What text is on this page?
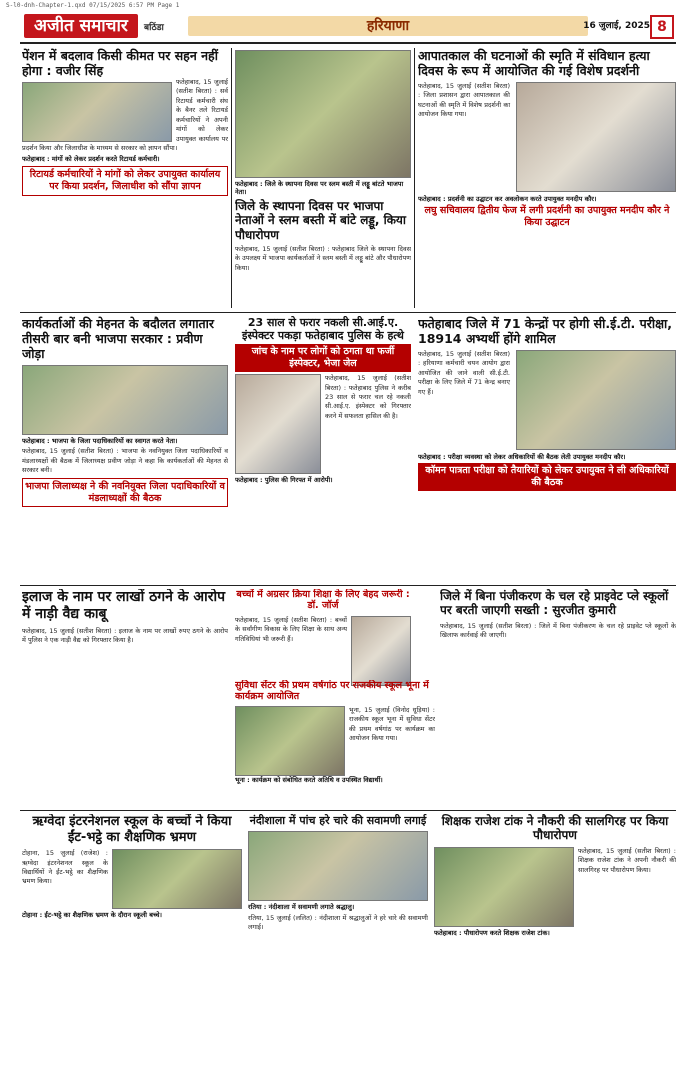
S-l0-dnh-Chapter-1.qxd 07/15/2025 6:57 PM Page 1
अजीत समाचार	बठिंडा	हरियाणा	16 जुलाई, 2025 8

पेंशन में बदलाव किसी कीमत पर सहन नहीं होगा : वजीर सिंह

फतेहाबाद, 15 जुलाई (सतीश बिरता) : सर्व रिटायर्ड कर्मचारी संघ के बैनर तले रिटायर्ड कर्मचारियों ने अपनी मांगों को लेकर उपायुक्त कार्यालय पर प्रदर्शन किया और जिलाधीश के माध्यम से सरकार को ज्ञापन सौंपा।
फतेहाबाद : मांगों को लेकर प्रदर्शन करते रिटायर्ड कर्मचारी।
रिटायर्ड कर्मचारियों ने मांगों को लेकर उपायुक्त कार्यालय पर किया प्रदर्शन, जिलाधीश को सौंपा ज्ञापन	फतेहाबाद : जिले के स्थापना दिवस पर स्लम बस्ती में लड्डू बांटते भाजपा नेता।

जिले के स्थापना दिवस पर भाजपा नेताओं ने स्लम बस्ती में बांटे लड्डू, किया पौधारोपण

फतेहाबाद, 15 जुलाई (सतीश बिरता) : फतेहाबाद जिले के स्थापना दिवस के उपलक्ष्य में भाजपा कार्यकर्ताओं ने स्लम बस्ती में लड्डू बांटे और पौधारोपण किया।

आपातकाल की घटनाओं की स्मृति में संविधान हत्या दिवस के रूप में आयोजित की गई विशेष प्रदर्शनी

फतेहाबाद, 15 जुलाई (सतीश बिरता) : जिला प्रशासन द्वारा आपातकाल की घटनाओं की स्मृति में विशेष प्रदर्शनी का आयोजन किया गया।
फतेहाबाद : प्रदर्शनी का उद्घाटन कर अवलोकन करते उपायुक्त मनदीप कौर।
लघु सचिवालय द्वितीय फेज में लगी प्रदर्शनी का उपायुक्त मनदीप कौर ने किया उद्घाटन

कार्यकर्ताओं की मेहनत के बदौलत लगातार तीसरी बार बनी भाजपा सरकार : प्रवीण जोड़ा

फतेहाबाद : भाजपा के जिला पदाधिकारियों का स्वागत करते नेता।
फतेहाबाद, 15 जुलाई (सतीश बिरता) : भाजपा के नवनियुक्त जिला पदाधिकारियों व मंडलाध्यक्षों की बैठक में जिलाध्यक्ष प्रवीण जोड़ा ने कहा कि कार्यकर्ताओं की मेहनत से सरकार बनी।
भाजपा जिलाध्यक्ष ने की नवनियुक्त जिला पदाधिकारियों व मंडलाध्यक्षों की बैठक

23 साल से फरार नकली सी.आई.ए. इंस्पेक्टर पकड़ा फतेहाबाद पुलिस के हत्थे

जांच के नाम पर लोगों को ठगता था फर्जी इंस्पेक्टर, भेजा जेल
फतेहाबाद, 15 जुलाई (सतीश बिरता) : फतेहाबाद पुलिस ने करीब 23 साल से फरार चल रहे नकली सी.आई.ए. इंस्पेक्टर को गिरफ्तार करने में सफलता हासिल की है।
फतेहाबाद : पुलिस की गिरफ्त में आरोपी।

फतेहाबाद जिले में 71 केन्द्रों पर होगी सी.ई.टी. परीक्षा, 18914 अभ्यर्थी होंगे शामिल

फतेहाबाद, 15 जुलाई (सतीश बिरता) : हरियाणा कर्मचारी चयन आयोग द्वारा आयोजित की जाने वाली सी.ई.टी. परीक्षा के लिए जिले में 71 केन्द्र बनाए गए हैं।
फतेहाबाद : परीक्षा व्यवस्था को लेकर अधिकारियों की बैठक लेती उपायुक्त मनदीप कौर।
कॉमन पात्रता परीक्षा को तैयारियों को लेकर उपायुक्त ने ली अधिकारियों की बैठक

इलाज के नाम पर लाखों ठगने के आरोप में नाड़ी वैद्य काबू

फतेहाबाद, 15 जुलाई (सतीश बिरता) : इलाज के नाम पर लाखों रुपए ठगने के आरोप में पुलिस ने एक नाड़ी वैद्य को गिरफ्तार किया है।

बच्चों में अग्रसर क्रिया शिक्षा के लिए बेहद जरूरी : डॉ. जॉर्ज

फतेहाबाद, 15 जुलाई (सतीश बिरता) : बच्चों के सर्वांगीण विकास के लिए शिक्षा के साथ अन्य गतिविधियां भी जरूरी हैं।

सुविधा सेंटर की प्रथम वर्षगांठ पर राजकीय स्कूल भूना में कार्यक्रम आयोजित

भूना, 15 जुलाई (विनोद धूड़िया) : राजकीय स्कूल भूना में सुविधा सेंटर की प्रथम वर्षगांठ पर कार्यक्रम का आयोजन किया गया।
भूना : कार्यक्रम को संबोधित करते अतिथि व उपस्थित विद्यार्थी।

जिले में बिना पंजीकरण के चल रहे प्राइवेट प्ले स्कूलों पर बरती जाएगी सख्ती : सुरजीत कुमारी

फतेहाबाद, 15 जुलाई (सतीश बिरता) : जिले में बिना पंजीकरण के चल रहे प्राइवेट प्ले स्कूलों के खिलाफ कार्रवाई की जाएगी।

ऋग्वेदा इंटरनेशनल स्कूल के बच्चों ने किया ईंट-भट्ठे का शैक्षणिक भ्रमण

टोहाना, 15 जुलाई (राजेश) : ऋग्वेदा इंटरनेशनल स्कूल के विद्यार्थियों ने ईंट-भट्ठे का शैक्षणिक भ्रमण किया।
टोहाना : ईंट-भट्ठे का शैक्षणिक भ्रमण के दौरान स्कूली बच्चे।

नंदीशाला में पांच हरे चारे की सवामणी लगाई

रतिया : नंदीशाला में सवामणी लगाते श्रद्धालु।
रतिया, 15 जुलाई (ललित) : नंदीशाला में श्रद्धालुओं ने हरे चारे की सवामणी लगाई।

शिक्षक राजेश टांक ने नौकरी की सालगिरह पर किया पौधारोपण

फतेहाबाद, 15 जुलाई (सतीश बिरता) : शिक्षक राजेश टांक ने अपनी नौकरी की सालगिरह पर पौधारोपण किया।
फतेहाबाद : पौधारोपण करते शिक्षक राजेश टांक।
